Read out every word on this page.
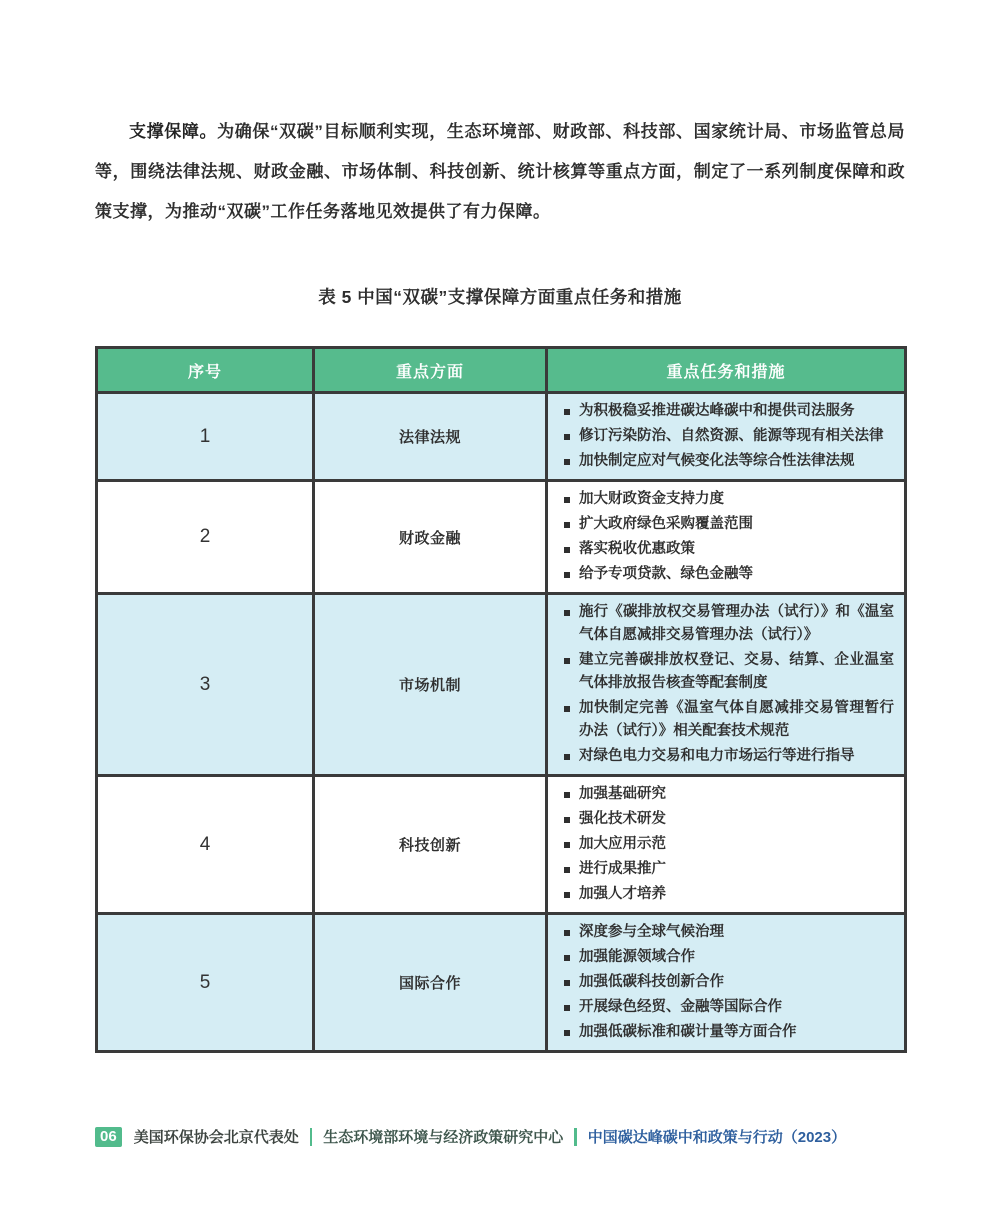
支撑保障。为确保“双碳”目标顺利实现，生态环境部、财政部、科技部、国家统计局、市场监管总局等，围绕法律法规、财政金融、市场体制、科技创新、统计核算等重点方面，制定了一系列制度保障和政策支撑，为推动“双碳”工作任务落地见效提供了有力保障。

表 5 中国“双碳”支撑保障方面重点任务和措施
序号	重点方面	重点任务和措施
1	法律法规	为积极稳妥推进碳达峰碳中和提供司法服务
修订污染防治、自然资源、能源等现有相关法律
加快制定应对气候变化法等综合性法律法规

2	财政金融	加大财政资金支持力度
扩大政府绿色采购覆盖范围
落实税收优惠政策
给予专项贷款、绿色金融等

3	市场机制	施行《碳排放权交易管理办法（试行）》和《温室气体自愿减排交易管理办法（试行）》
建立完善碳排放权登记、交易、结算、企业温室气体排放报告核查等配套制度
加快制定完善《温室气体自愿减排交易管理暂行办法（试行）》相关配套技术规范
对绿色电力交易和电力市场运行等进行指导

4	科技创新	加强基础研究
强化技术研发
加大应用示范
进行成果推广
加强人才培养

5	国际合作	深度参与全球气候治理
加强能源领域合作
加强低碳科技创新合作
开展绿色经贸、金融等国际合作
加强低碳标准和碳计量等方面合作
06	美国环保协会北京代表处 生态环境部环境与经济政策研究中心 中国碳达峰碳中和政策与行动（2023）
